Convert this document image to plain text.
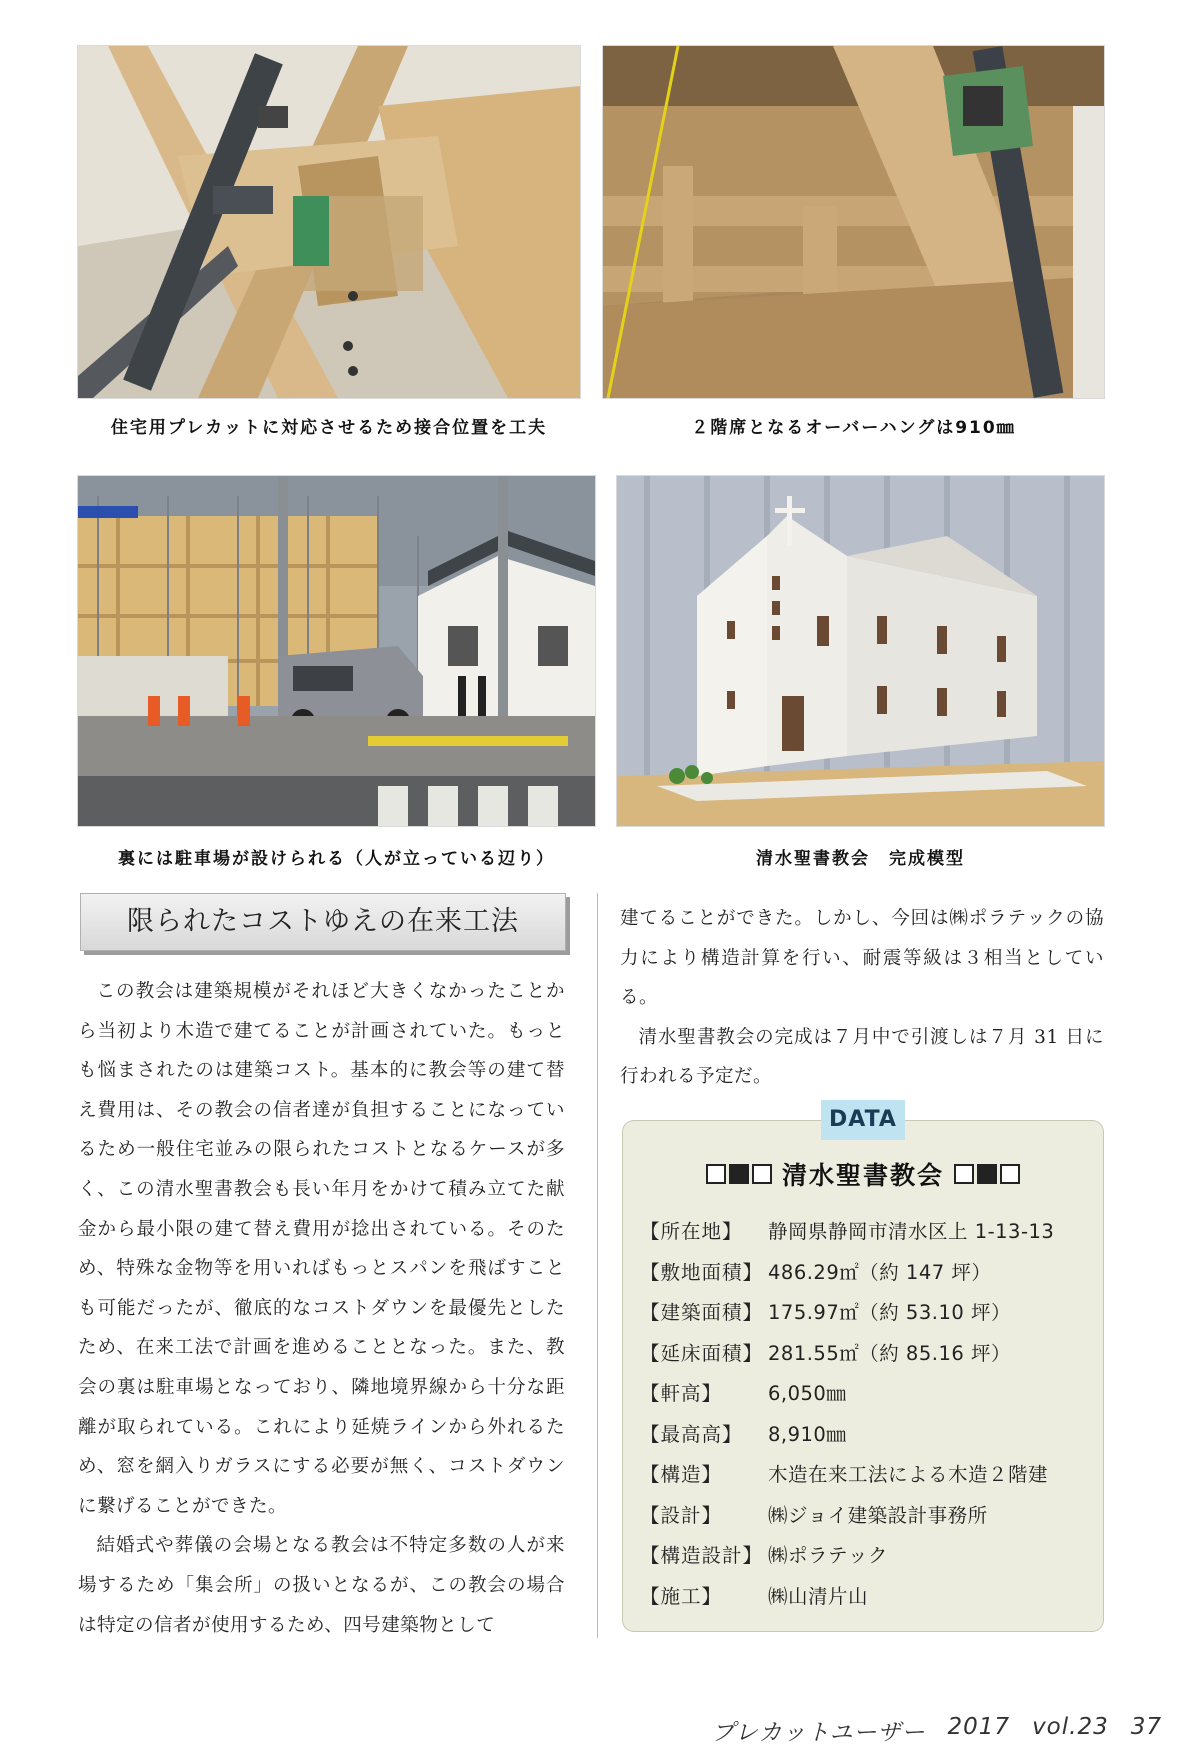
住宅用プレカットに対応させるため接合位置を工夫	２階席となるオーバーハングは910㎜
裏には駐車場が設けられる（人が立っている辺り）	清水聖書教会　完成模型
限られたコストゆえの在来工法

この教会は建築規模がそれほど大きくなかったことから当初より木造で建てることが計画されていた。もっとも悩まされたのは建築コスト。基本的に教会等の建て替え費用は、その教会の信者達が負担することになっているため一般住宅並みの限られたコストとなるケースが多く、この清水聖書教会も長い年月をかけて積み立てた献金から最小限の建て替え費用が捻出されている。そのため、特殊な金物等を用いればもっとスパンを飛ばすことも可能だったが、徹底的なコストダウンを最優先としたため、在来工法で計画を進めることとなった。また、教会の裏は駐車場となっており、隣地境界線から十分な距離が取られている。これにより延焼ラインから外れるため、窓を網入りガラスにする必要が無く、コストダウンに繋げることができた。

結婚式や葬儀の会場となる教会は不特定多数の人が来場するため「集会所」の扱いとなるが、この教会の場合は特定の信者が使用するため、四号建築物として

建てることができた。しかし、今回は㈱ポラテックの協力により構造計算を行い、耐震等級は３相当としている。

清水聖書教会の完成は７月中で引渡しは７月 31 日に行われる予定だ。

DATA
清水聖書教会
【所在地】	静岡県静岡市清水区上 1-13-13
【敷地面積】 486.29㎡（約 147 坪）
【建築面積】 175.97㎡（約 53.10 坪）
【延床面積】 281.55㎡（約 85.16 坪）
【軒高】	6,050㎜
【最高高】	8,910㎜
【構造】	木造在来工法による木造２階建
【設計】	㈱ジョイ建築設計事務所
【構造設計】 ㈱ポラテック
【施工】	㈱山清片山
プレカットユーザー 2017 vol.23 37
